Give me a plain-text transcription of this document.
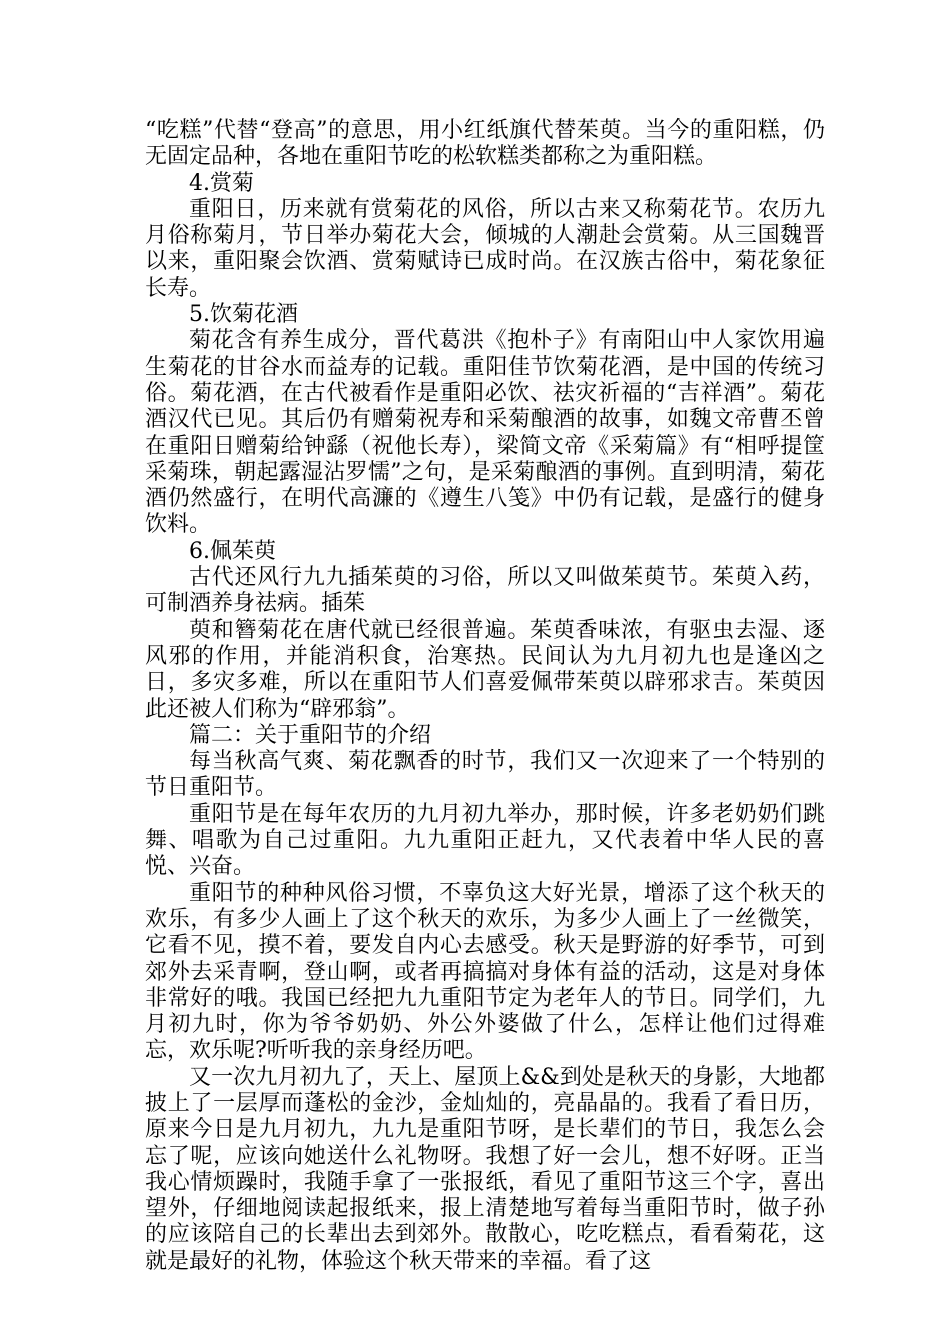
“吃糕”代替“登高”的意思，用小红纸旗代替茱萸。当今的重阳糕，仍无固定品种，各地在重阳节吃的松软糕类都称之为重阳糕。

4.赏菊

重阳日，历来就有赏菊花的风俗，所以古来又称菊花节。农历九月俗称菊月，节日举办菊花大会，倾城的人潮赴会赏菊。从三国魏晋以来，重阳聚会饮酒、赏菊赋诗已成时尚。在汉族古俗中，菊花象征长寿。

5.饮菊花酒

菊花含有养生成分，晋代葛洪《抱朴子》有南阳山中人家饮用遍生菊花的甘谷水而益寿的记载。重阳佳节饮菊花酒，是中国的传统习俗。菊花酒，在古代被看作是重阳必饮、祛灾祈福的“吉祥酒”。菊花酒汉代已见。其后仍有赠菊祝寿和采菊酿酒的故事，如魏文帝曹丕曾在重阳日赠菊给钟繇（祝他长寿），梁简文帝《采菊篇》有“相呼提筐采菊珠，朝起露湿沾罗懦”之句，是采菊酿酒的事例。直到明清，菊花酒仍然盛行，在明代高濂的《遵生八笺》中仍有记载，是盛行的健身饮料。

6.佩茱萸

古代还风行九九插茱萸的习俗，所以又叫做茱萸节。茱萸入药，可制酒养身祛病。插茱

萸和簪菊花在唐代就已经很普遍。茱萸香味浓，有驱虫去湿、逐风邪的作用，并能消积食，治寒热。民间认为九月初九也是逢凶之日，多灾多难，所以在重阳节人们喜爱佩带茱萸以辟邪求吉。茱萸因此还被人们称为“辟邪翁”。

篇二：关于重阳节的介绍

每当秋高气爽、菊花飘香的时节，我们又一次迎来了一个特别的节日重阳节。

重阳节是在每年农历的九月初九举办，那时候，许多老奶奶们跳舞、唱歌为自己过重阳。九九重阳正赶九，又代表着中华人民的喜悦、兴奋。

重阳节的种种风俗习惯，不辜负这大好光景，增添了这个秋天的欢乐，有多少人画上了这个秋天的欢乐，为多少人画上了一丝微笑，它看不见，摸不着，要发自内心去感受。秋天是野游的好季节，可到郊外去采青啊，登山啊，或者再搞搞对身体有益的活动，这是对身体非常好的哦。我国已经把九九重阳节定为老年人的节日。同学们，九月初九时，你为爷爷奶奶、外公外婆做了什么，怎样让他们过得难忘，欢乐呢?听听我的亲身经历吧。

又一次九月初九了，天上、屋顶上&&到处是秋天的身影，大地都披上了一层厚而蓬松的金沙，金灿灿的，亮晶晶的。我看了看日历，原来今日是九月初九，九九是重阳节呀，是长辈们的节日，我怎么会忘了呢，应该向她送什么礼物呀。我想了好一会儿，想不好呀。正当我心情烦躁时，我随手拿了一张报纸，看见了重阳节这三个字，喜出望外，仔细地阅读起报纸来，报上清楚地写着每当重阳节时，做子孙的应该陪自己的长辈出去到郊外。散散心，吃吃糕点，看看菊花，这就是最好的礼物，体验这个秋天带来的幸福。看了这
